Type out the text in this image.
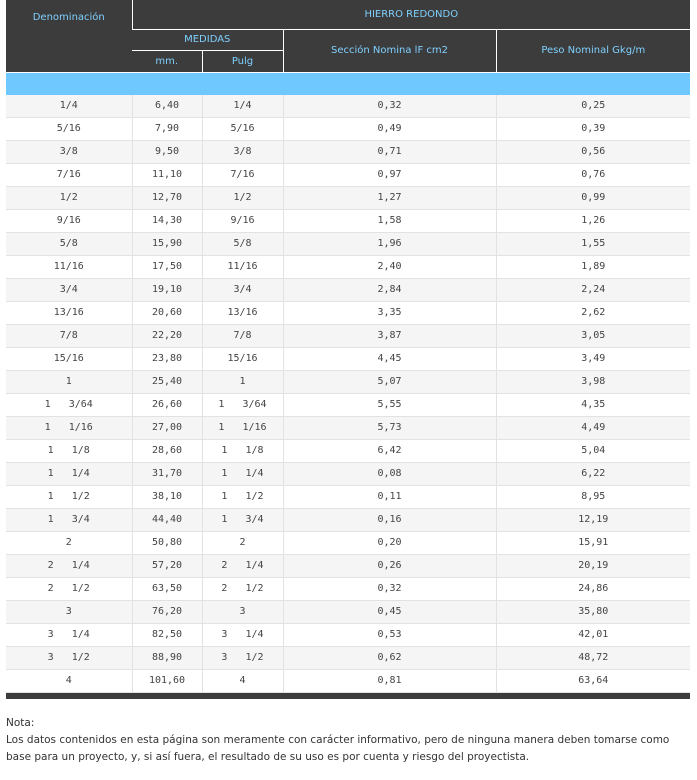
Denominación	HIERRO REDONDO			
	MEDIDAS		Sección Nomina lF cm2	Peso Nominal Gkg/m
	mm.	Pulg		

1/4	6,40	1/4	0,32	0,25
5/16	7,90	5/16	0,49	0,39
3/8	9,50	3/8	0,71	0,56
7/16	11,10	7/16	0,97	0,76
1/2	12,70	1/2	1,27	0,99
9/16	14,30	9/16	1,58	1,26
5/8	15,90	5/8	1,96	1,55
11/16	17,50	11/16	2,40	1,89
3/4	19,10	3/4	2,84	2,24
13/16	20,60	13/16	3,35	2,62
7/8	22,20	7/8	3,87	3,05
15/16	23,80	15/16	4,45	3,49
1	25,40	1	5,07	3,98
1   3/64	26,60	1   3/64	5,55	4,35
1   1/16	27,00	1   1/16	5,73	4,49
1   1/8	28,60	1   1/8	6,42	5,04
1   1/4	31,70	1   1/4	0,08	6,22
1   1/2	38,10	1   1/2	0,11	8,95
1   3/4	44,40	1   3/4	0,16	12,19
2	50,80	2	0,20	15,91
2   1/4	57,20	2   1/4	0,26	20,19
2   1/2	63,50	2   1/2	0,32	24,86
3	76,20	3	0,45	35,80
3   1/4	82,50	3   1/4	0,53	42,01
3   1/2	88,90	3   1/2	0,62	48,72
4	101,60	4	0,81	63,64
Nota:
Los datos contenidos en esta página son meramente con carácter informativo, pero de ninguna manera deben tomarse como base para un proyecto, y, si así fuera, el resultado de su uso es por cuenta y riesgo del proyectista.
